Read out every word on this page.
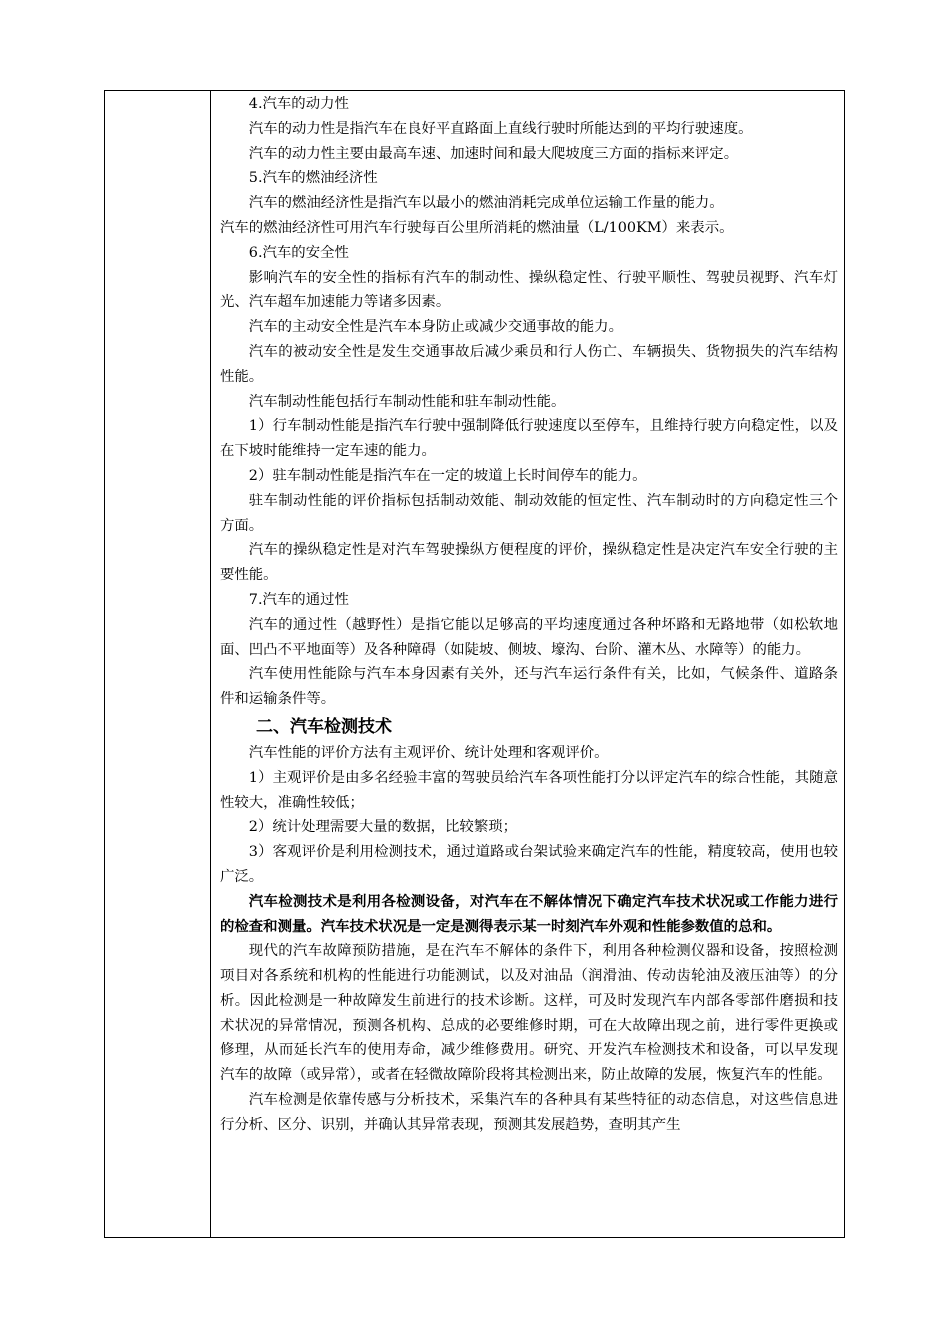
4.汽车的动力性

汽车的动力性是指汽车在良好平直路面上直线行驶时所能达到的平均行驶速度。

汽车的动力性主要由最高车速、加速时间和最大爬坡度三方面的指标来评定。

5.汽车的燃油经济性

汽车的燃油经济性是指汽车以最小的燃油消耗完成单位运输工作量的能力。

汽车的燃油经济性可用汽车行驶每百公里所消耗的燃油量（L/100KM）来表示。

6.汽车的安全性

影响汽车的安全性的指标有汽车的制动性、操纵稳定性、行驶平顺性、驾驶员视野、汽车灯光、汽车超车加速能力等诸多因素。

汽车的主动安全性是汽车本身防止或减少交通事故的能力。

汽车的被动安全性是发生交通事故后减少乘员和行人伤亡、车辆损失、货物损失的汽车结构性能。

汽车制动性能包括行车制动性能和驻车制动性能。

1）行车制动性能是指汽车行驶中强制降低行驶速度以至停车，且维持行驶方向稳定性，以及在下坡时能维持一定车速的能力。

2）驻车制动性能是指汽车在一定的坡道上长时间停车的能力。

驻车制动性能的评价指标包括制动效能、制动效能的恒定性、汽车制动时的方向稳定性三个方面。

汽车的操纵稳定性是对汽车驾驶操纵方便程度的评价，操纵稳定性是决定汽车安全行驶的主要性能。

7.汽车的通过性

汽车的通过性（越野性）是指它能以足够高的平均速度通过各种坏路和无路地带（如松软地面、凹凸不平地面等）及各种障碍（如陡坡、侧坡、壕沟、台阶、灌木丛、水障等）的能力。

汽车使用性能除与汽车本身因素有关外，还与汽车运行条件有关，比如，气候条件、道路条件和运输条件等。

二、汽车检测技术

汽车性能的评价方法有主观评价、统计处理和客观评价。

1）主观评价是由多名经验丰富的驾驶员给汽车各项性能打分以评定汽车的综合性能，其随意性较大，准确性较低；

2）统计处理需要大量的数据，比较繁琐；

3）客观评价是利用检测技术，通过道路或台架试验来确定汽车的性能，精度较高，使用也较广泛。

汽车检测技术是利用各检测设备，对汽车在不解体情况下确定汽车技术状况或工作能力进行的检查和测量。汽车技术状况是一定是测得表示某一时刻汽车外观和性能参数值的总和。

现代的汽车故障预防措施，是在汽车不解体的条件下，利用各种检测仪器和设备，按照检测项目对各系统和机构的性能进行功能测试，以及对油品（润滑油、传动齿轮油及液压油等）的分析。因此检测是一种故障发生前进行的技术诊断。这样，可及时发现汽车内部各零部件磨损和技术状况的异常情况，预测各机构、总成的必要维修时期，可在大故障出现之前，进行零件更换或修理，从而延长汽车的使用寿命，减少维修费用。研究、开发汽车检测技术和设备，可以早发现汽车的故障（或异常），或者在轻微故障阶段将其检测出来，防止故障的发展，恢复汽车的性能。

汽车检测是依靠传感与分析技术，采集汽车的各种具有某些特征的动态信息，对这些信息进行分析、区分、识别，并确认其异常表现，预测其发展趋势，查明其产生
